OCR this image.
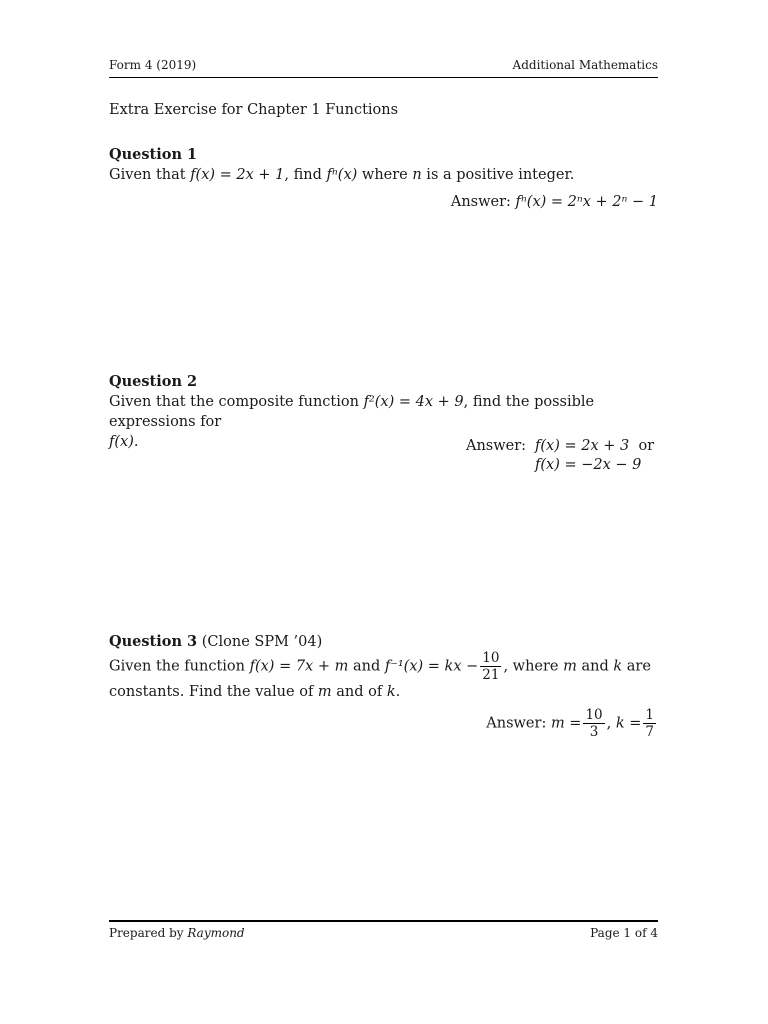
Form 4 (2019)	Additional Mathematics
Extra Exercise for Chapter 1 Functions
Question 1
Given that f(x) = 2x + 1, find fⁿ(x) where n is a positive integer.
Answer: fⁿ(x) = 2ⁿx + 2ⁿ − 1
Question 2
Given that the composite function f²(x) = 4x + 9, find the possible expressions for
f(x).	Answer: f(x) = 2x + 3 or
f(x) = −2x − 9
Question 3 (Clone SPM ’04)
Given the function f(x) = 7x + m and f⁻¹(x) = kx − $\frac{10}{21}$ , where m and k are
constants. Find the value of m and of k.
Answer: $m = \frac{10}{3}$ , $k = \frac{1}{7}$
Prepared by Raymond	Page 1 of 4
